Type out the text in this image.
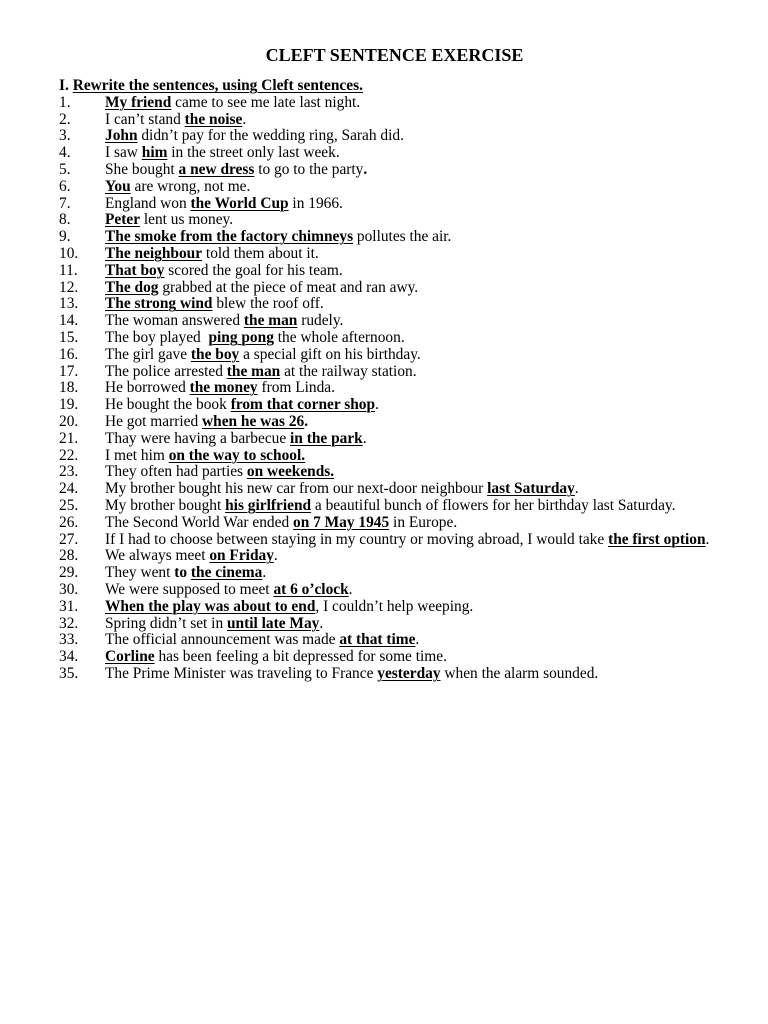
CLEFT SENTENCE EXERCISE
I. Rewrite the sentences, using Cleft sentences.
1. My friend came to see me late last night.
2. I can’t stand the noise.
3. John didn’t pay for the wedding ring, Sarah did.
4. I saw him in the street only last week.
5. She bought a new dress to go to the party.
6. You are wrong, not me.
7. England won the World Cup in 1966.
8. Peter lent us money.
9. The smoke from the factory chimneys pollutes the air.
10. The neighbour told them about it.
11. That boy scored the goal for his team.
12. The dog grabbed at the piece of meat and ran awy.
13. The strong wind blew the roof off.
14. The woman answered the man rudely.
15. The boy played  ping pong the whole afternoon.
16. The girl gave the boy a special gift on his birthday.
17. The police arrested the man at the railway station.
18. He borrowed the money from Linda.
19. He bought the book from that corner shop.
20. He got married when he was 26.
21. Thay were having a barbecue in the park.
22. I met him on the way to school.
23. They often had parties on weekends.
24. My brother bought his new car from our next-door neighbour last Saturday.
25. My brother bought his girlfriend a beautiful bunch of flowers for her birthday last Saturday.
26. The Second World War ended on 7 May 1945 in Europe.
27. If I had to choose between staying in my country or moving abroad, I would take the first option.
28. We always meet on Friday.
29. They went to the cinema.
30. We were supposed to meet at 6 o’clock.
31. When the play was about to end, I couldn’t help weeping.
32. Spring didn’t set in until late May.
33. The official announcement was made at that time.
34. Corline has been feeling a bit depressed for some time.
35. The Prime Minister was traveling to France yesterday when the alarm sounded.
